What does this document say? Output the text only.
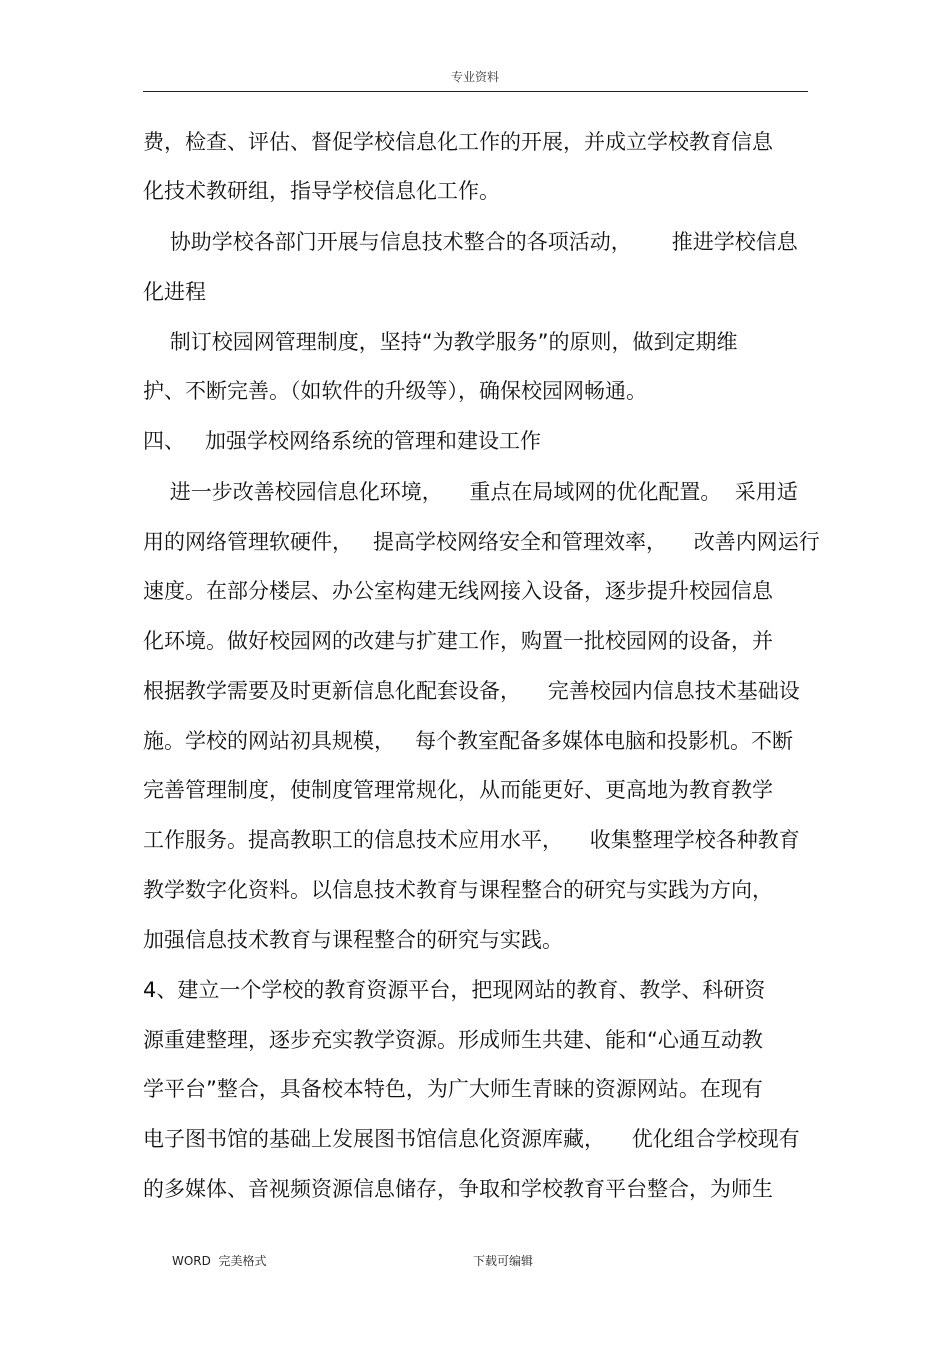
专业资料
费，检查、评估、督促学校信息化工作的开展，并成立学校教育信息
化技术教研组，指导学校信息化工作。
协助学校各部门开展与信息技术整合的各项活动，      推进学校信息
化进程
制订校园网管理制度，坚持“为教学服务”的原则，做到定期维
护、不断完善。（如软件的升级等），确保校园网畅通。
四、   加强学校网络系统的管理和建设工作
进一步改善校园信息化环境，    重点在局域网的优化配置。  采用适
用的网络管理软硬件，   提高学校网络安全和管理效率，    改善内网运行
速度。在部分楼层、办公室构建无线网接入设备，逐步提升校园信息
化环境。做好校园网的改建与扩建工作，购置一批校园网的设备，并
根据教学需要及时更新信息化配套设备，    完善校园内信息技术基础设
施。学校的网站初具规模，   每个教室配备多媒体电脑和投影机。不断
完善管理制度，使制度管理常规化，从而能更好、更高地为教育教学
工作服务。提高教职工的信息技术应用水平，    收集整理学校各种教育
教学数字化资料。以信息技术教育与课程整合的研究与实践为方向，
加强信息技术教育与课程整合的研究与实践。
4、建立一个学校的教育资源平台，把现网站的教育、教学、科研资
源重建整理，逐步充实教学资源。形成师生共建、能和“心通互动教
学平台”整合，具备校本特色，为广大师生青睐的资源网站。在现有
电子图书馆的基础上发展图书馆信息化资源库藏，    优化组合学校现有
的多媒体、音视频资源信息储存，争取和学校教育平台整合，为师生
WORD  完美格式	下载可编辑
